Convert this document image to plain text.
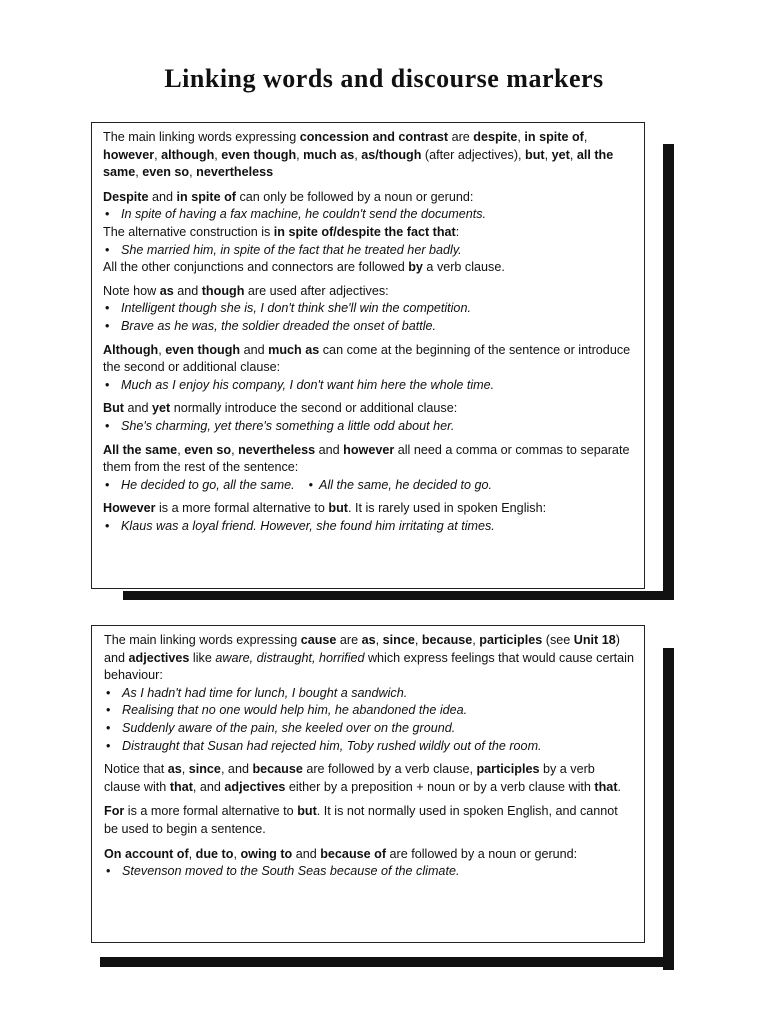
Linking words and discourse markers

The main linking words expressing concession and contrast are despite, in spite of, however, although, even though, much as, as/though (after adjectives), but, yet, all the same, even so, nevertheless

Despite and in spite of can only be followed by a noun or gerund:

• In spite of having a fax machine, he couldn't send the documents.

The alternative construction is in spite of/despite the fact that:

• She married him, in spite of the fact that he treated her badly.

All the other conjunctions and connectors are followed by a verb clause.

Note how as and though are used after adjectives:

• Intelligent though she is, I don't think she'll win the competition.
• Brave as he was, the soldier dreaded the onset of battle.

Although, even though and much as can come at the beginning of the sentence or introduce the second or additional clause:

• Much as I enjoy his company, I don't want him here the whole time.

But and yet normally introduce the second or additional clause:

• She's charming, yet there's something a little odd about her.

All the same, even so, nevertheless and however all need a comma or commas to separate them from the rest of the sentence:

• He decided to go, all the same. • All the same, he decided to go.

However is a more formal alternative to but. It is rarely used in spoken English:

• Klaus was a loyal friend. However, she found him irritating at times.

The main linking words expressing cause are as, since, because, participles (see Unit 18) and adjectives like aware, distraught, horrified which express feelings that would cause certain behaviour:

• As I hadn't had time for lunch, I bought a sandwich.
• Realising that no one would help him, he abandoned the idea.
• Suddenly aware of the pain, she keeled over on the ground.
• Distraught that Susan had rejected him, Toby rushed wildly out of the room.

Notice that as, since, and because are followed by a verb clause, participles by a verb clause with that, and adjectives either by a preposition + noun or by a verb clause with that.

For is a more formal alternative to but. It is not normally used in spoken English, and cannot be used to begin a sentence.

On account of, due to, owing to and because of are followed by a noun or gerund:

• Stevenson moved to the South Seas because of the climate.
